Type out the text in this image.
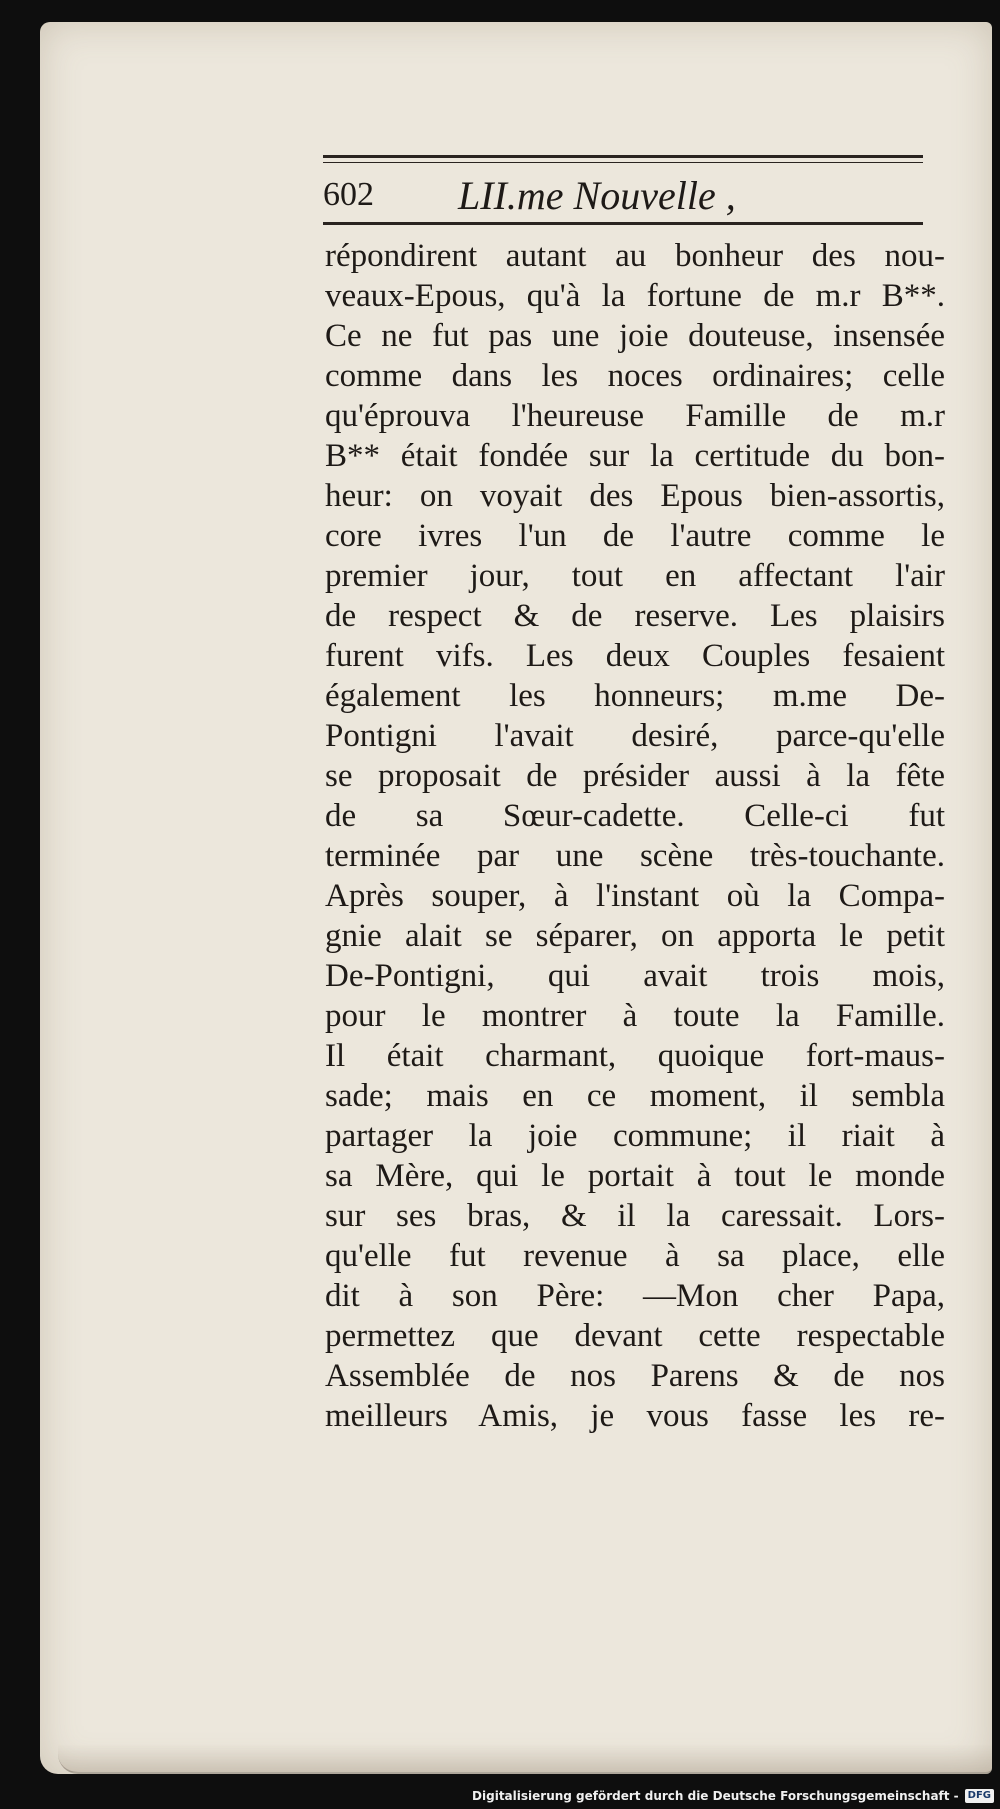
602 LII.me Nouvelle ,
répondirent autant au bonheur des nou-
veaux-Epous, qu'à la fortune de m.r B**.
Ce ne fut pas une joie douteuse, insensée
comme dans les noces ordinaires; celle
qu'éprouva l'heureuse Famille de m.r
B** était fondée sur la certitude du bon-
heur: on voyait des Epous bien-assortis,
core ivres l'un de l'autre comme le
premier jour, tout en affectant l'air
de respect & de reserve. Les plaisirs
furent vifs. Les deux Couples fesaient
également les honneurs; m.me De-
Pontigni l'avait desiré, parce-qu'elle
se proposait de présider aussi à la fête
de sa Sœur-cadette. Celle-ci fut
terminée par une scène très-touchante.
Après souper, à l'instant où la Compa-
gnie alait se séparer, on apporta le petit
De-Pontigni, qui avait trois mois,
pour le montrer à toute la Famille.
Il était charmant, quoique fort-maus-
sade; mais en ce moment, il sembla
partager la joie commune; il riait à
sa Mère, qui le portait à tout le monde
sur ses bras, & il la caressait. Lors-
qu'elle fut revenue à sa place, elle
dit à son Père: —Mon cher Papa,
permettez que devant cette respectable
Assemblée de nos Parens & de nos
meilleurs Amis, je vous fasse les re-
Digitalisierung gefördert durch die Deutsche Forschungsgemeinschaft - DFG
